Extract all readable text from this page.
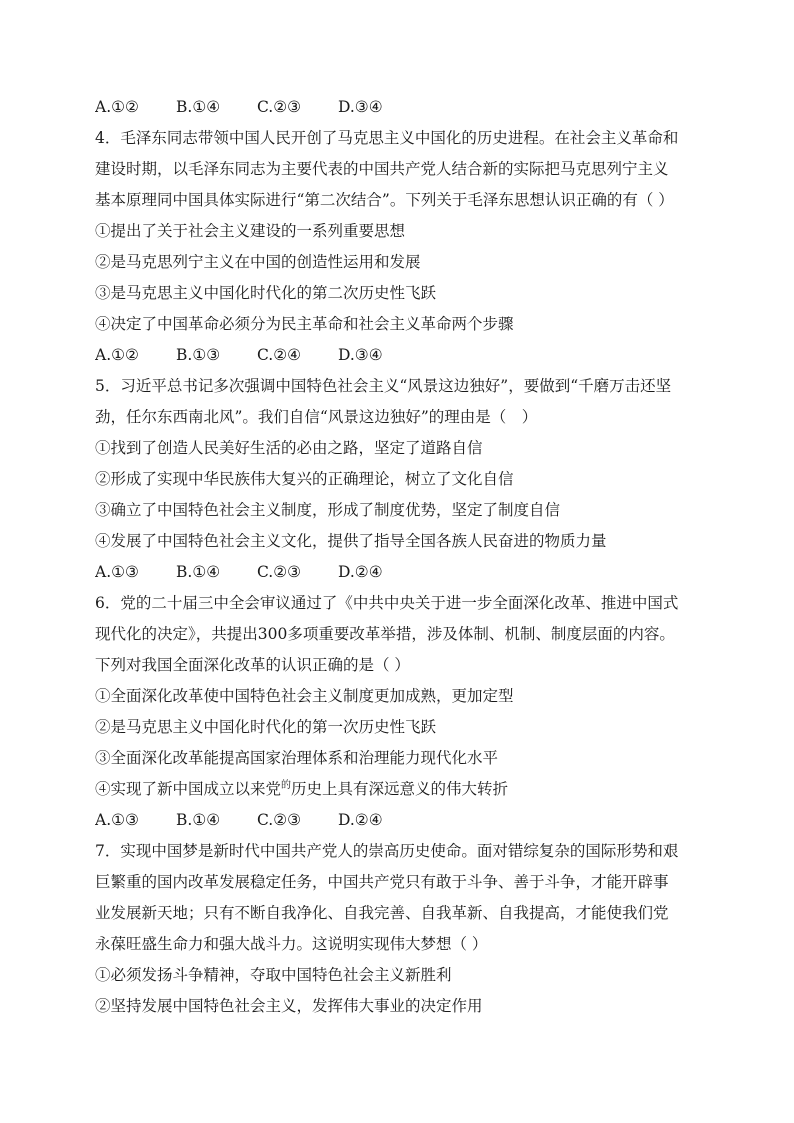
A.①②	B.①④	C.②③	D.③④
4．毛泽东同志带领中国人民开创了马克思主义中国化的历史进程。在社会主义革命和
建设时期，以毛泽东同志为主要代表的中国共产党人结合新的实际把马克思列宁主义
基本原理同中国具体实际进行“第二次结合”。下列关于毛泽东思想认识正确的有（ ）
①提出了关于社会主义建设的一系列重要思想
②是马克思列宁主义在中国的创造性运用和发展
③是马克思主义中国化时代化的第二次历史性飞跃
④决定了中国革命必须分为民主革命和社会主义革命两个步骤
A.①②	B.①③	C.②④	D.③④
5．习近平总书记多次强调中国特色社会主义“风景这边独好”，要做到“千磨万击还坚
劲，任尔东西南北风”。我们自信“风景这边独好”的理由是（　）
①找到了创造人民美好生活的必由之路，坚定了道路自信
②形成了实现中华民族伟大复兴的正确理论，树立了文化自信
③确立了中国特色社会主义制度，形成了制度优势，坚定了制度自信
④发展了中国特色社会主义文化，提供了指导全国各族人民奋进的物质力量
A.①③	B.①④	C.②③	D.②④
6．党的二十届三中全会审议通过了《中共中央关于进一步全面深化改革、推进中国式
现代化的决定》，共提出300多项重要改革举措，涉及体制、机制、制度层面的内容。
下列对我国全面深化改革的认识正确的是（ ）
①全面深化改革使中国特色社会主义制度更加成熟，更加定型
②是马克思主义中国化时代化的第一次历史性飞跃
③全面深化改革能提高国家治理体系和治理能力现代化水平
④实现了新中国成立以来党$^的$历史上具有深远意义的伟大转折
A.①③	B.①④	C.②③	D.②④
7．实现中国梦是新时代中国共产党人的崇高历史使命。面对错综复杂的国际形势和艰
巨繁重的国内改革发展稳定任务，中国共产党只有敢于斗争、善于斗争，才能开辟事
业发展新天地；只有不断自我净化、自我完善、自我革新、自我提高，才能使我们党
永葆旺盛生命力和强大战斗力。这说明实现伟大梦想（ ）
①必须发扬斗争精神，夺取中国特色社会主义新胜利
②坚持发展中国特色社会主义，发挥伟大事业的决定作用
